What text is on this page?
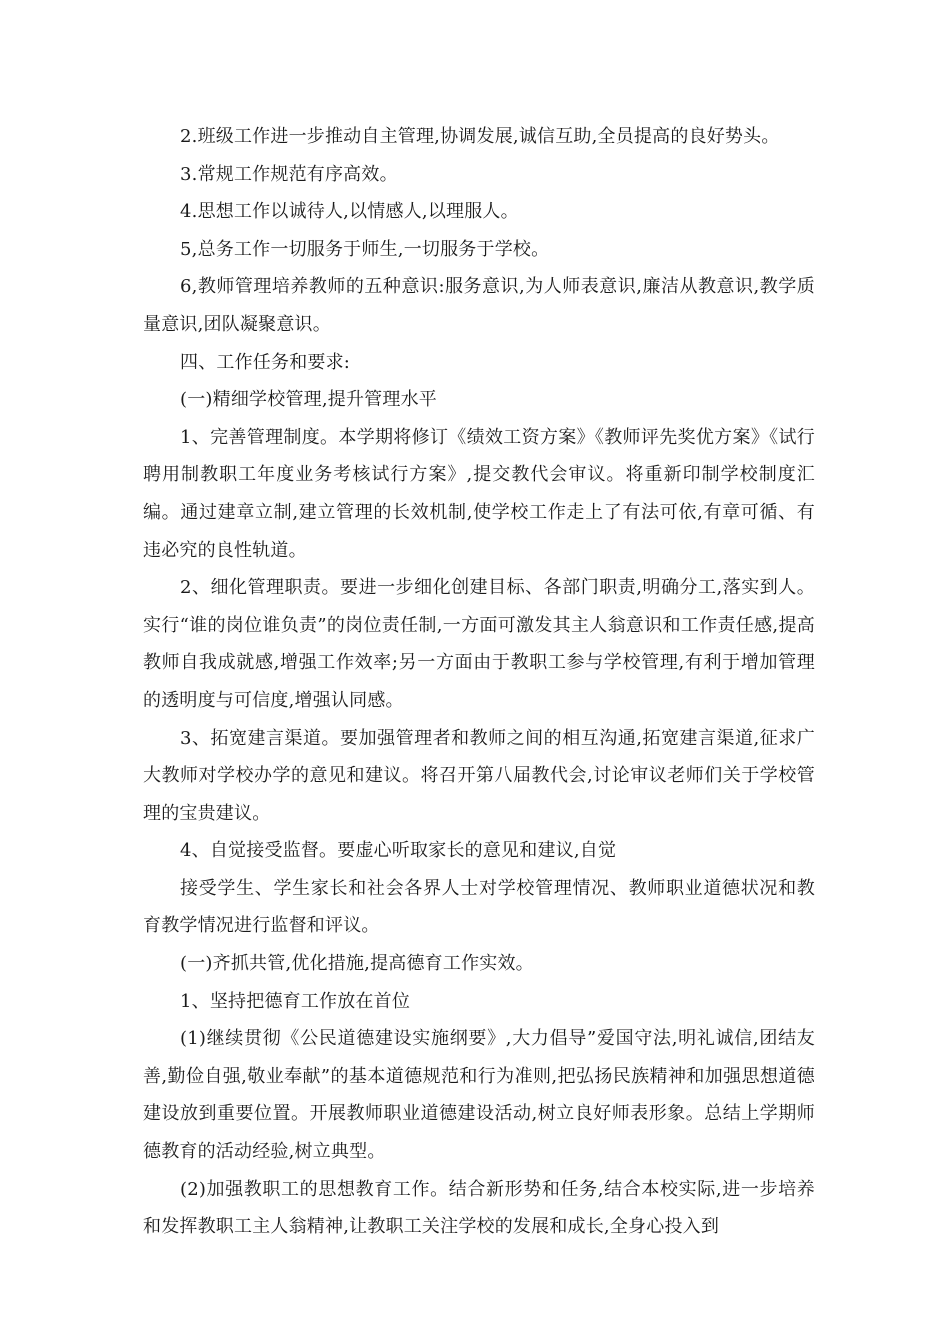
2.班级工作进一步推动自主管理,协调发展,诚信互助,全员提高的良好势头。

3.常规工作规范有序高效。

4.思想工作以诚待人,以情感人,以理服人。

5,总务工作一切服务于师生,一切服务于学校。

6,教师管理培养教师的五种意识:服务意识,为人师表意识,廉洁从教意识,教学质量意识,团队凝聚意识。

四、工作任务和要求:

(一)精细学校管理,提升管理水平

1、完善管理制度。本学期将修订《绩效工资方案》《教师评先奖优方案》《试行聘用制教职工年度业务考核试行方案》,提交教代会审议。将重新印制学校制度汇编。通过建章立制,建立管理的长效机制,使学校工作走上了有法可依,有章可循、有违必究的良性轨道。

2、细化管理职责。要进一步细化创建目标、各部门职责,明确分工,落实到人。实行“谁的岗位谁负责”的岗位责任制,一方面可激发其主人翁意识和工作责任感,提高教师自我成就感,增强工作效率;另一方面由于教职工参与学校管理,有利于增加管理的透明度与可信度,增强认同感。

3、拓宽建言渠道。要加强管理者和教师之间的相互沟通,拓宽建言渠道,征求广大教师对学校办学的意见和建议。将召开第八届教代会,讨论审议老师们关于学校管理的宝贵建议。

4、自觉接受监督。要虚心听取家长的意见和建议,自觉

接受学生、学生家长和社会各界人士对学校管理情况、教师职业道德状况和教育教学情况进行监督和评议。

(一)齐抓共管,优化措施,提高德育工作实效。

1、坚持把德育工作放在首位

(1)继续贯彻《公民道德建设实施纲要》,大力倡导”爱国守法,明礼诚信,团结友善,勤俭自强,敬业奉献”的基本道德规范和行为准则,把弘扬民族精神和加强思想道德建设放到重要位置。开展教师职业道德建设活动,树立良好师表形象。总结上学期师德教育的活动经验,树立典型。

(2)加强教职工的思想教育工作。结合新形势和任务,结合本校实际,进一步培养和发挥教职工主人翁精神,让教职工关注学校的发展和成长,全身心投入到
